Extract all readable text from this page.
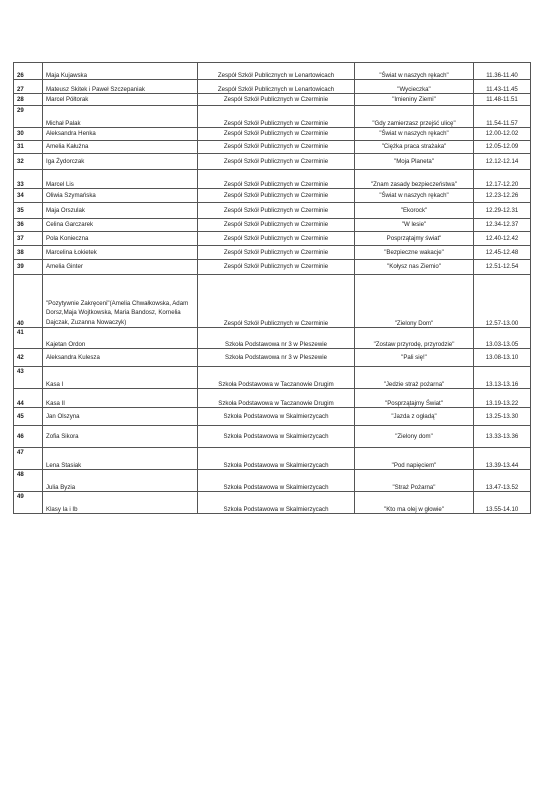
26	Maja Kujawska	Zespół Szkół Publicznych w Lenartowicach	"Świat w naszych rękach"	11.36-11.40
27	Mateusz Skitek i Paweł Szczepaniak	Zespół Szkół Publicznych w Lenartowicach	"Wycieczka"	11.43-11.45
28	Marcel Półtorak	Zespół Szkół Publicznych w Czerminie	"Imieniny Ziemi"	11.48-11.51
29	Michał Palak	Zespół Szkół Publicznych w Czerminie	"Gdy zamierzasz przejść ulicę"	11.54-11.57
30	Aleksandra Henka	Zespół Szkół Publicznych w Czerminie	"Świat w naszych rękach"	12.00-12.02
31	Amelia Kałużna	Zespół Szkół Publicznych w Czerminie	"Ciężka praca strażaka"	12.05-12.09
32	Iga Żydorczak	Zespół Szkół Publicznych w Czerminie	"Moja Planeta"	12.12-12.14
33	Marcel Lis	Zespół Szkół Publicznych w Czerminie	"Znam zasady bezpieczeństwa"	12.17-12.20
34	Oliwia Szymańska	Zespół Szkół Publicznych w Czerminie	"Świat w naszych rękach"	12.23-12.26
35	Maja Orszulak	Zespół Szkół Publicznych w Czerminie	"Ekorock"	12.29-12.31
36	Celina Garczarek	Zespół Szkół Publicznych w Czerminie	"W lesie"	12.34-12.37
37	Pola Konieczna	Zespół Szkół Publicznych w Czerminie	Posprzątajmy świat"	12.40-12.42
38	Marcelina Łokietek	Zespół Szkół Publicznych w Czerminie	"Bezpieczne wakacje"	12.45-12.48
39	Amelia Ginter	Zespół Szkół Publicznych w Czerminie	"Kołysz nas Ziemio"	12.51-12.54
40	"Pozytywnie Zakręceni"(Amelia Chwałkowska, Adam Dorsz,Maja Wojtkowska, Maria Bandosz, Kornelia Dajczak, Zuzanna Nowaczyk)	Zespół Szkół Publicznych w Czerminie	"Zielony Dom"	12.57-13.00
41	Kajetan Ordon	Szkoła Podstawowa nr 3 w Pleszewie	"Zostaw przyrodę, przyrodzie"	13.03-13.05
42	Aleksandra Kulesza	Szkoła Podstawowa nr 3 w Pleszewie	"Pali się!"	13.08-13.10
43	Kasa I	Szkoła Podstawowa w Taczanowie Drugim	"Jedzie straż pożarna"	13.13-13.16
44	Kasa II	Szkoła Podstawowa w Taczanowie Drugim	"Posprzątajmy Świat"	13.19-13.22
45	Jan Olszyna	Szkoła Podstawowa w Skalmierzycach	"Jazda z ogładą"	13.25-13.30
46	Zofia Sikora	Szkoła Podstawowa w Skalmierzycach	"Zielony dom"	13.33-13.36
47	Lena Stasiak	Szkoła Podstawowa w Skalmierzycach	"Pod napięciem"	13.39-13.44
48	Julia Byzia	Szkoła Podstawowa w Skalmierzycach	"Straż Pożarna"	13.47-13.52
49	Klasy Ia i Ib	Szkoła Podstawowa w Skalmierzycach	"Kto ma olej w głowie"	13.55-14.10
